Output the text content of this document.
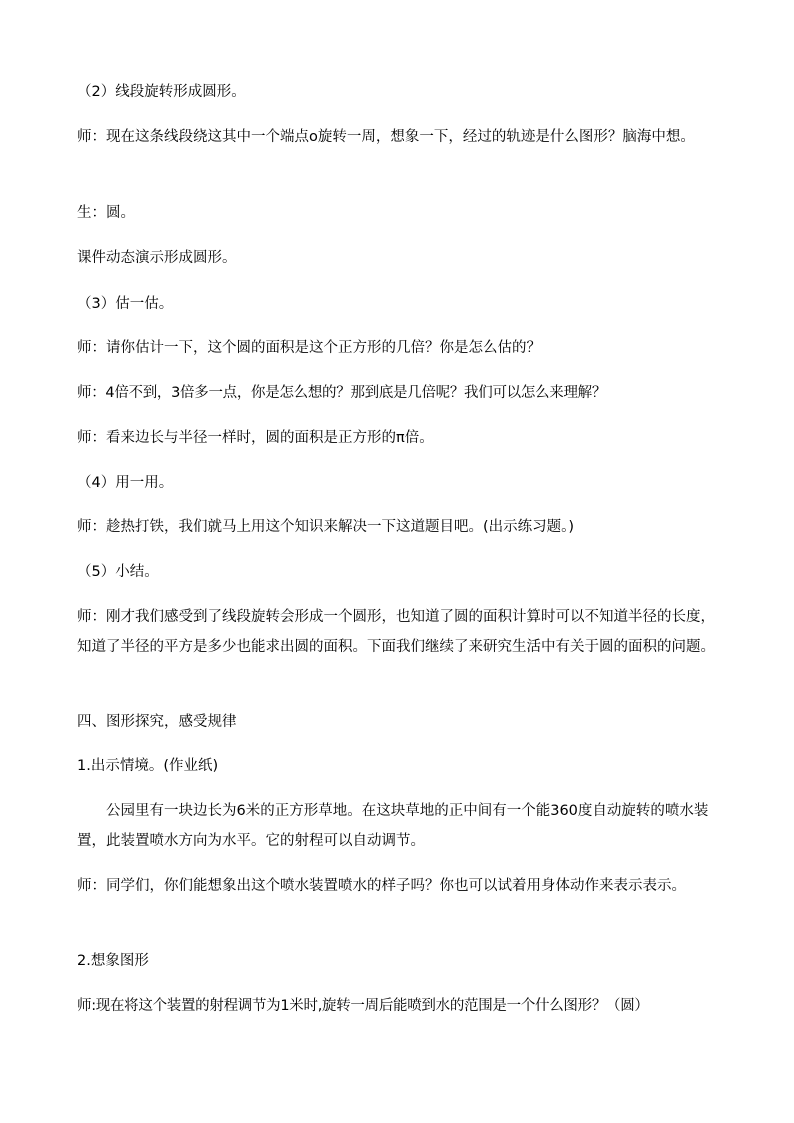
（2）线段旋转形成圆形。

师：现在这条线段绕这其中一个端点o旋转一周，想象一下，经过的轨迹是什么图形？脑海中想。

生：圆。

课件动态演示形成圆形。

（3）估一估。

师：请你估计一下，这个圆的面积是这个正方形的几倍？你是怎么估的？

师：4倍不到，3倍多一点，你是怎么想的？那到底是几倍呢？我们可以怎么来理解？

师：看来边长与半径一样时，圆的面积是正方形的π倍。

（4）用一用。

师：趁热打铁，我们就马上用这个知识来解决一下这道题目吧。(出示练习题。)

（5）小结。

师：刚才我们感受到了线段旋转会形成一个圆形，也知道了圆的面积计算时可以不知道半径的长度，知道了半径的平方是多少也能求出圆的面积。下面我们继续了来研究生活中有关于圆的面积的问题。

四、图形探究，感受规律

1.出示情境。(作业纸)

公园里有一块边长为6米的正方形草地。在这块草地的正中间有一个能360度自动旋转的喷水装置，此装置喷水方向为水平。它的射程可以自动调节。

师：同学们，你们能想象出这个喷水装置喷水的样子吗？你也可以试着用身体动作来表示表示。

2.想象图形

师:现在将这个装置的射程调节为1米时,旋转一周后能喷到水的范围是一个什么图形？（圆）
